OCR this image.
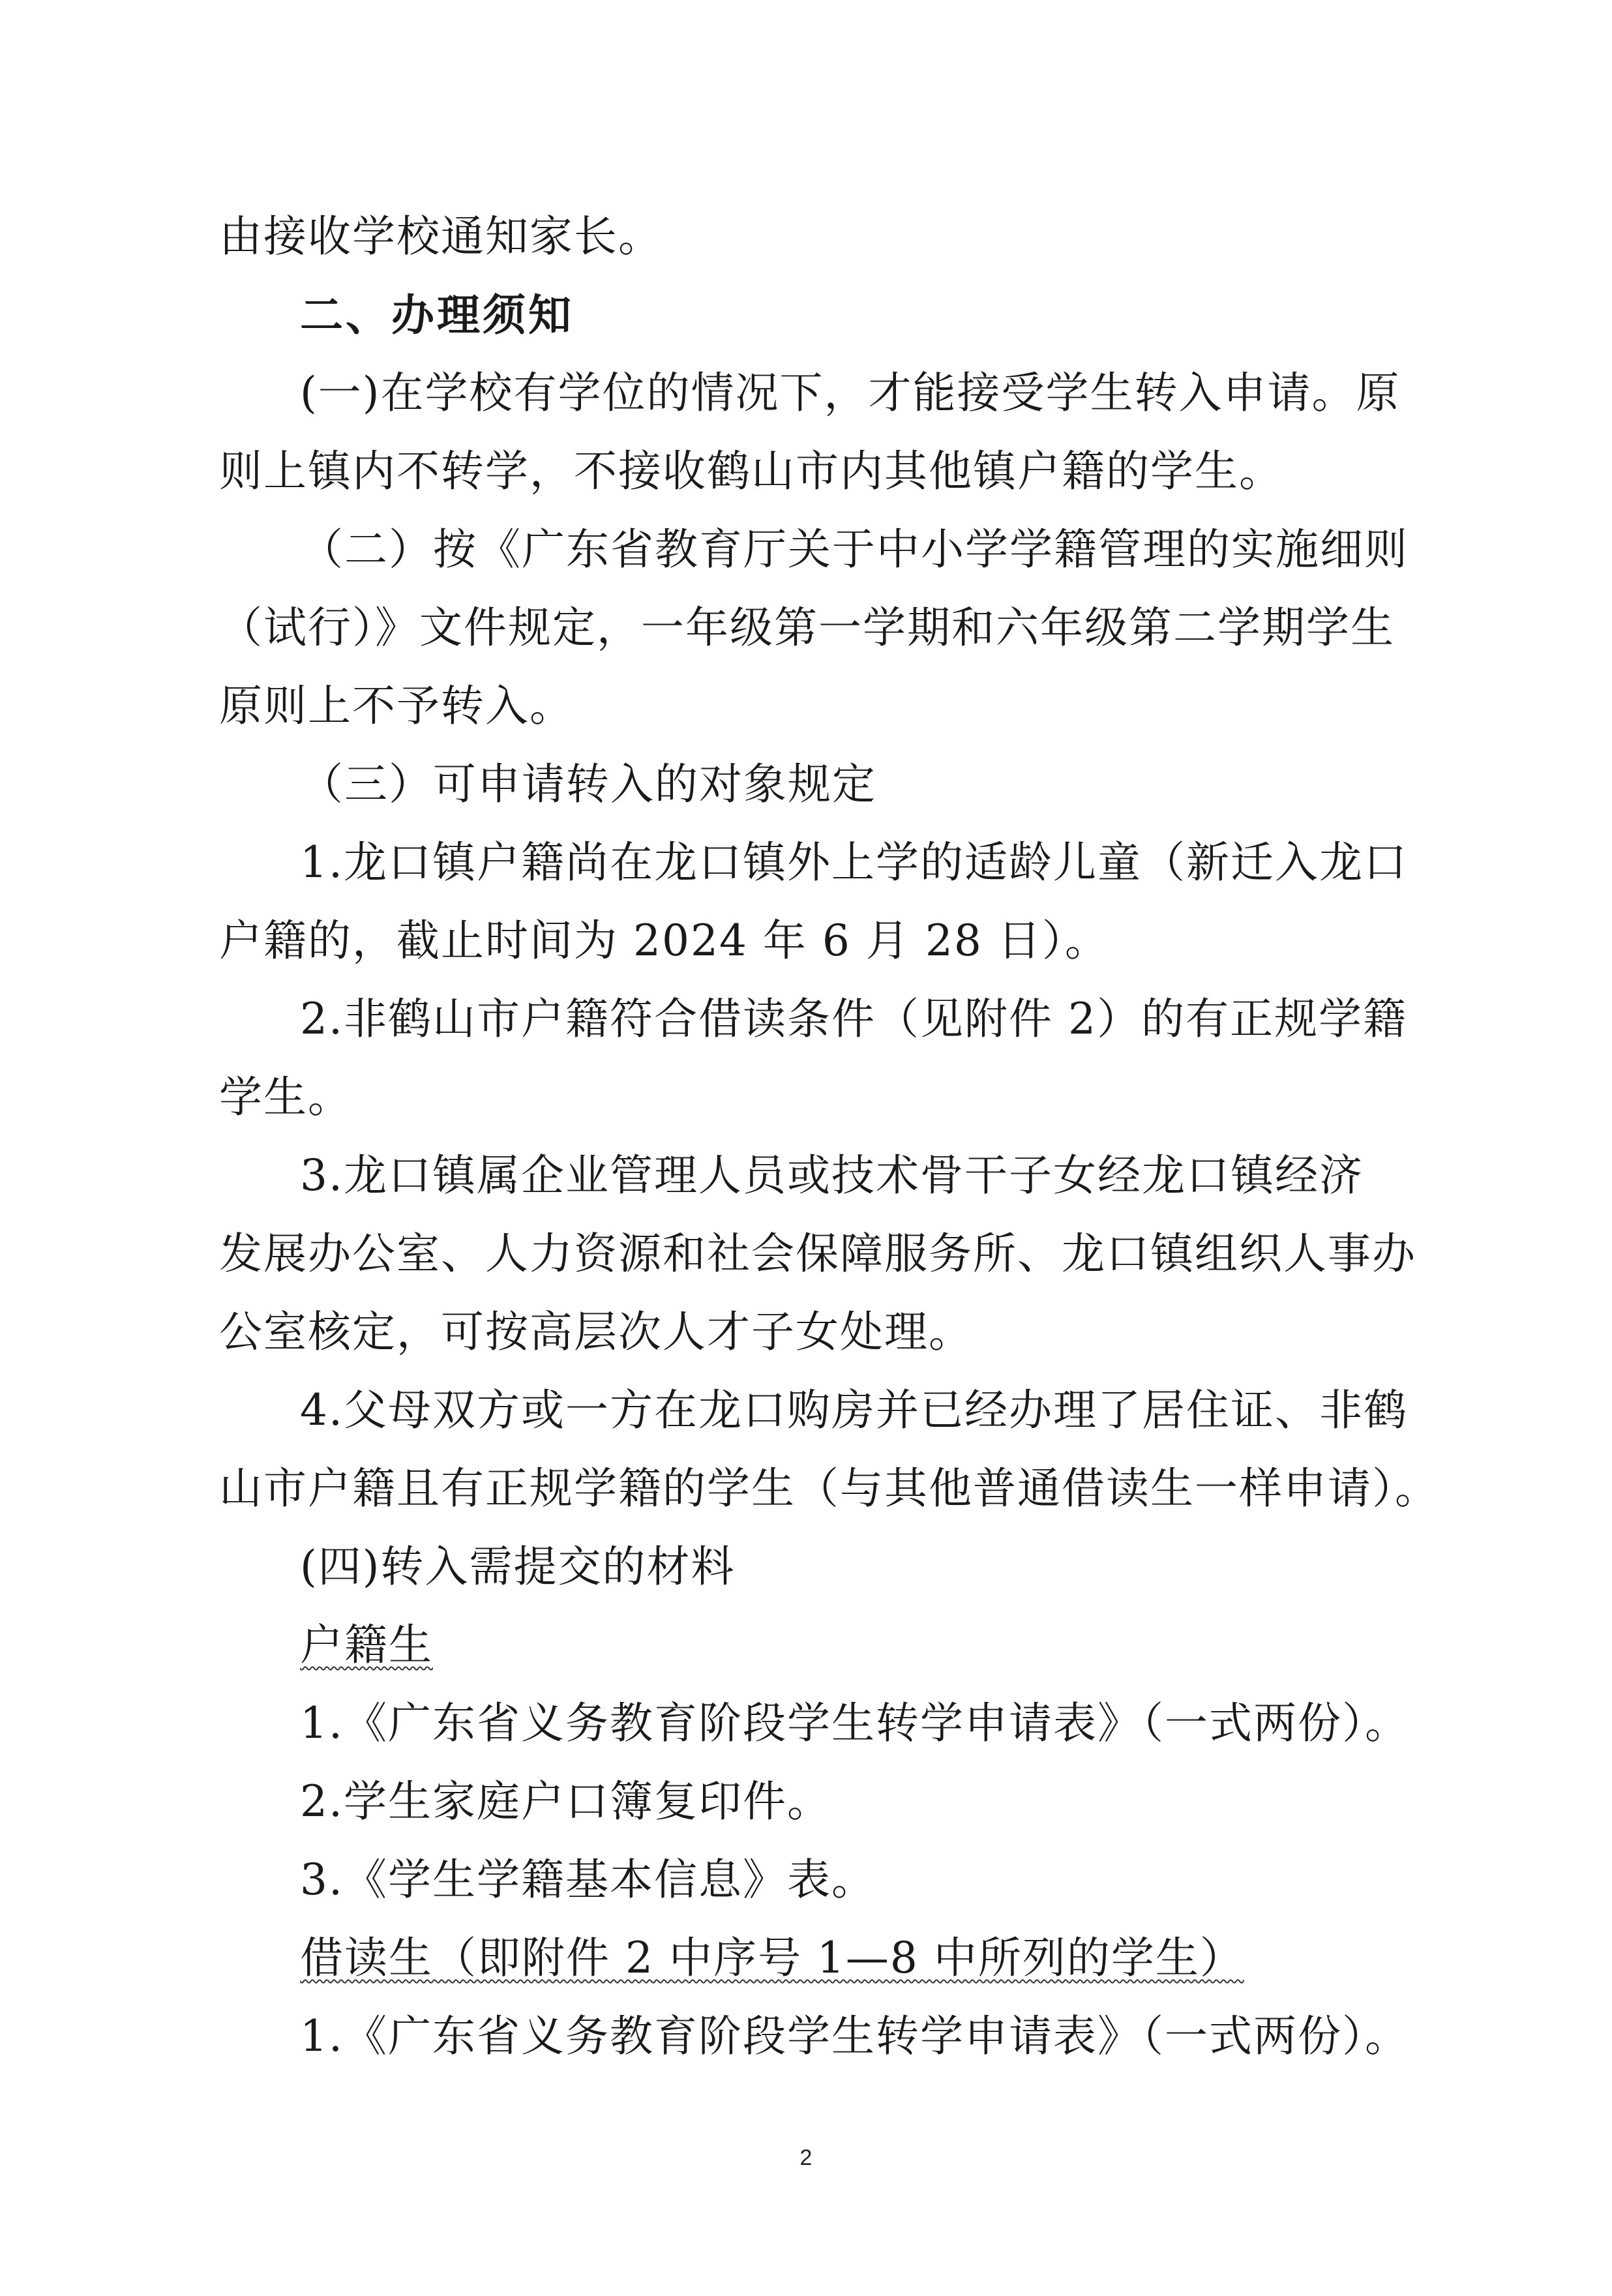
由接收学校通知家长。
二、办理须知
(一)在学校有学位的情况下，才能接受学生转入申请。原
则上镇内不转学，不接收鹤山市内其他镇户籍的学生。
（二）按《广东省教育厅关于中小学学籍管理的实施细则
（试行）》文件规定，一年级第一学期和六年级第二学期学生
原则上不予转入。
（三）可申请转入的对象规定
1.龙口镇户籍尚在龙口镇外上学的适龄儿童（新迁入龙口
户籍的，截止时间为 2024 年 6 月 28 日）。
2.非鹤山市户籍符合借读条件（见附件 2）的有正规学籍
学生。
3.龙口镇属企业管理人员或技术骨干子女经龙口镇经济
发展办公室、人力资源和社会保障服务所、龙口镇组织人事办
公室核定，可按高层次人才子女处理。
4.父母双方或一方在龙口购房并已经办理了居住证、非鹤
山市户籍且有正规学籍的学生（与其他普通借读生一样申请）。
(四)转入需提交的材料
户籍生
1.《广东省义务教育阶段学生转学申请表》（一式两份）。
2.学生家庭户口簿复印件。
3.《学生学籍基本信息》表。
借读生（即附件 2 中序号 1—8 中所列的学生）
1.《广东省义务教育阶段学生转学申请表》（一式两份）。
2
